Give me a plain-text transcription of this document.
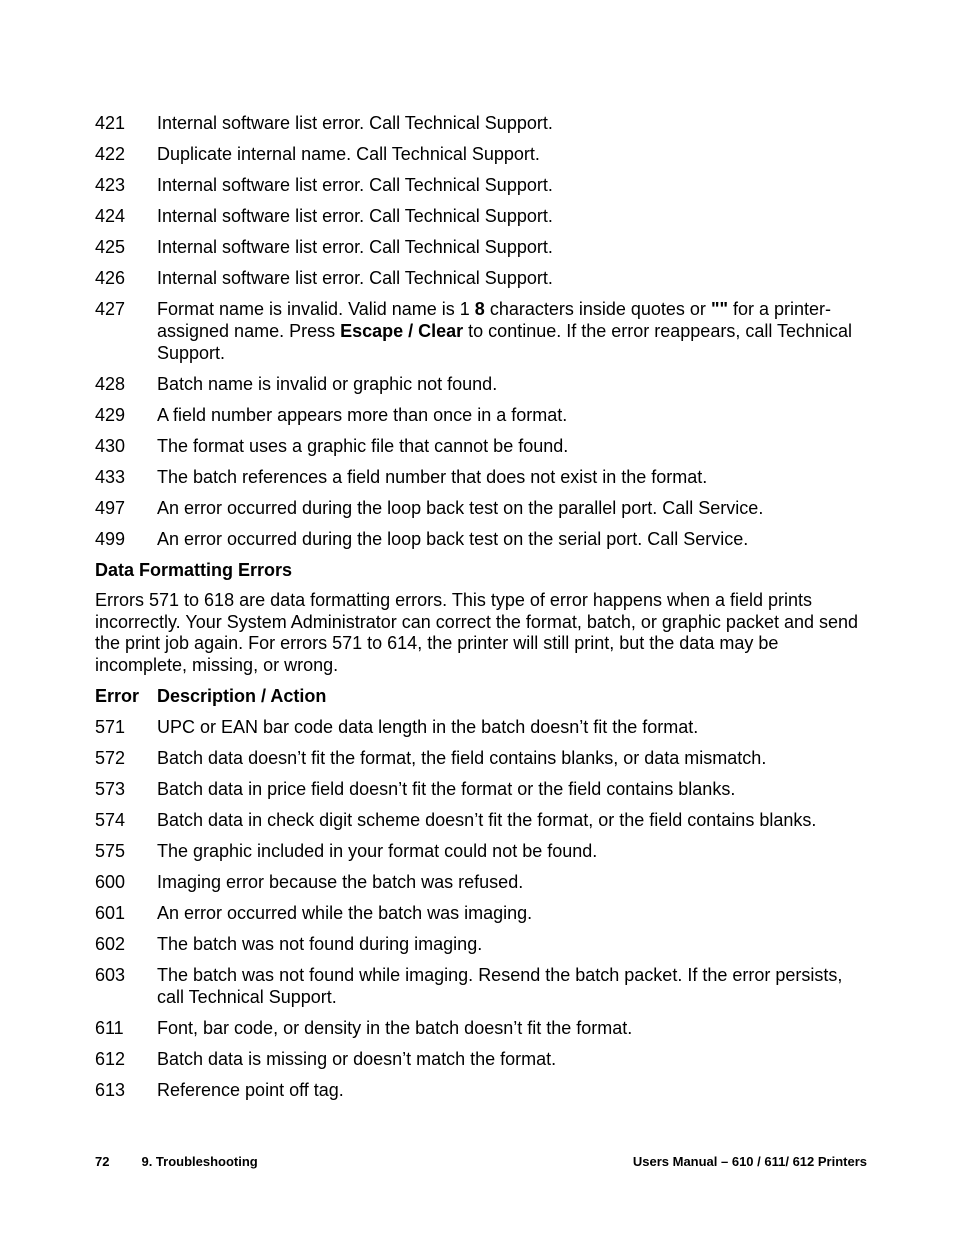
421	Internal software list error. Call Technical Support.
422	Duplicate internal name. Call Technical Support.
423	Internal software list error. Call Technical Support.
424	Internal software list error. Call Technical Support.
425	Internal software list error. Call Technical Support.
426	Internal software list error. Call Technical Support.
427	Format name is invalid. Valid name is 1 8 characters inside quotes or "" for a printer-assigned name. Press Escape / Clear to continue. If the error reappears, call Technical Support.
428	Batch name is invalid or graphic not found.
429	A field number appears more than once in a format.
430	The format uses a graphic file that cannot be found.
433	The batch references a field number that does not exist in the format.
497	An error occurred during the loop back test on the parallel port. Call Service.
499	An error occurred during the loop back test on the serial port. Call Service.
Data Formatting Errors
Errors 571 to 618 are data formatting errors. This type of error happens when a field prints incorrectly. Your System Administrator can correct the format, batch, or graphic packet and send the print job again. For errors 571 to 614, the printer will still print, but the data may be incomplete, missing, or wrong.
Error Description / Action
571	UPC or EAN bar code data length in the batch doesn’t fit the format.
572	Batch data doesn’t fit the format, the field contains blanks, or data mismatch.
573	Batch data in price field doesn’t fit the format or the field contains blanks.
574	Batch data in check digit scheme doesn’t fit the format, or the field contains blanks.
575	The graphic included in your format could not be found.
600	Imaging error because the batch was refused.
601	An error occurred while the batch was imaging.
602	The batch was not found during imaging.
603	The batch was not found while imaging. Resend the batch packet. If the error persists, call Technical Support.
611	Font, bar code, or density in the batch doesn’t fit the format.
612	Batch data is missing or doesn’t match the format.
613	Reference point off tag.
72 9. Troubleshooting	Users Manual – 610 / 611/ 612 Printers
